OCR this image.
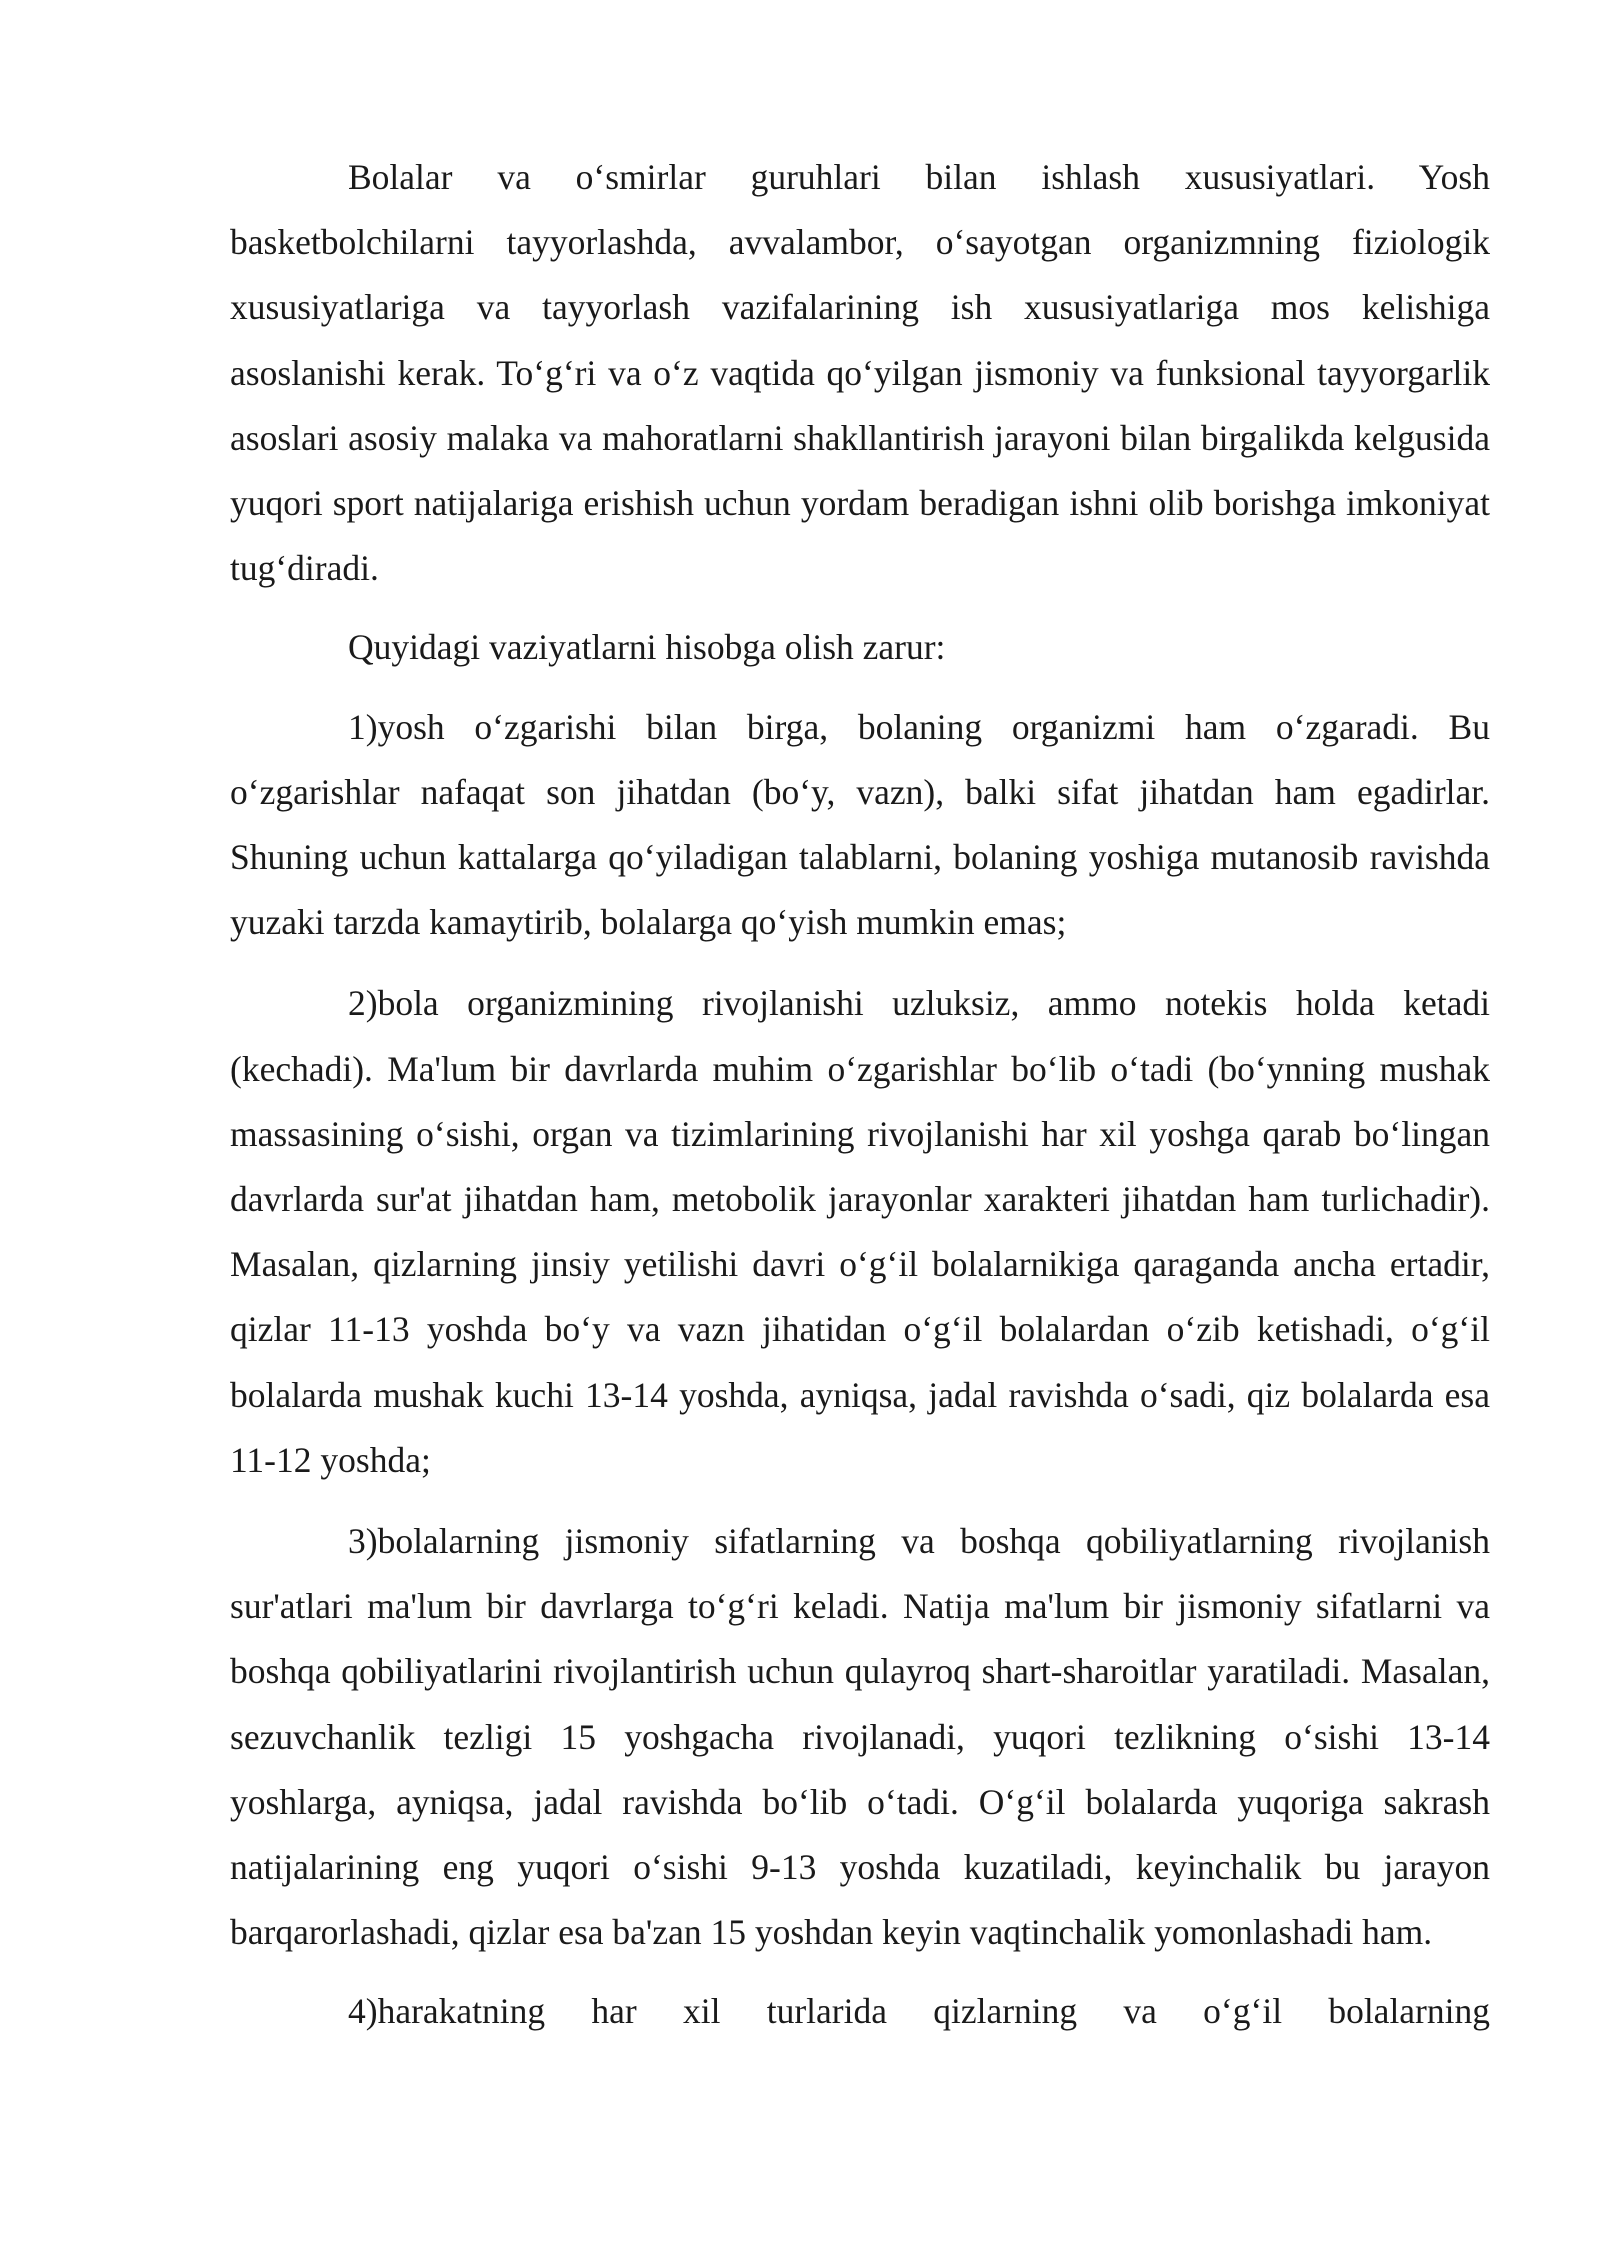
Bolalar va o‘smirlar guruhlari bilan ishlash xususiyatlari. Yosh basketbolchilarni tayyorlashda, avvalambor, o‘sayotgan organizmning fiziologik xususiyatlariga va tayyorlash vazifalarining ish xususiyatlariga mos kelishiga asoslanishi kerak. To‘g‘ri va o‘z vaqtida qo‘yilgan jismoniy va funksional tayyorgarlik asoslari asosiy malaka va mahoratlarni shakllantirish jarayoni bilan birgalikda kelgusida yuqori sport natijalariga erishish uchun yordam beradigan ishni olib borishga imkoniyat tug‘diradi.

Quyidagi vaziyatlarni hisobga olish zarur:

1)yosh o‘zgarishi bilan birga, bolaning organizmi ham o‘zgaradi. Bu o‘zgarishlar nafaqat son jihatdan (bo‘y, vazn), balki sifat jihatdan ham egadirlar. Shuning uchun kattalarga qo‘yiladigan talablarni, bolaning yoshiga mutanosib ravishda yuzaki tarzda kamaytirib, bolalarga qo‘yish mumkin emas;

2)bola organizmining rivojlanishi uzluksiz, ammo notekis holda ketadi (kechadi). Ma'lum bir davrlarda muhim o‘zgarishlar bo‘lib o‘tadi (bo‘ynning mushak massasining o‘sishi, organ va tizimlarining rivojlanishi har xil yoshga qarab bo‘lingan davrlarda sur'at jihatdan ham, metobolik jarayonlar xarakteri jihatdan ham turlichadir). Masalan, qizlarning jinsiy yetilishi davri o‘g‘il bolalarnikiga qaraganda ancha ertadir, qizlar 11-13 yoshda bo‘y va vazn jihatidan o‘g‘il bolalardan o‘zib ketishadi, o‘g‘il bolalarda mushak kuchi 13-14 yoshda, ayniqsa, jadal ravishda o‘sadi, qiz bolalarda esa 11-12 yoshda;

3)bolalarning jismoniy sifatlarning va boshqa qobiliyatlarning rivojlanish sur'atlari ma'lum bir davrlarga to‘g‘ri keladi. Natija ma'lum bir jismoniy sifatlarni va boshqa qobiliyatlarini rivojlantirish uchun qulayroq shart-sharoitlar yaratiladi. Masalan, sezuvchanlik tezligi 15 yoshgacha rivojlanadi, yuqori tezlikning o‘sishi 13-14 yoshlarga, ayniqsa, jadal ravishda bo‘lib o‘tadi. O‘g‘il bolalarda yuqoriga sakrash natijalarining eng yuqori o‘sishi 9-13 yoshda kuzatiladi, keyinchalik bu jarayon barqarorlashadi, qizlar esa ba'zan 15 yoshdan keyin vaqtinchalik yomonlashadi ham.

4)harakatning har xil turlarida qizlarning va o‘g‘il bolalarning
